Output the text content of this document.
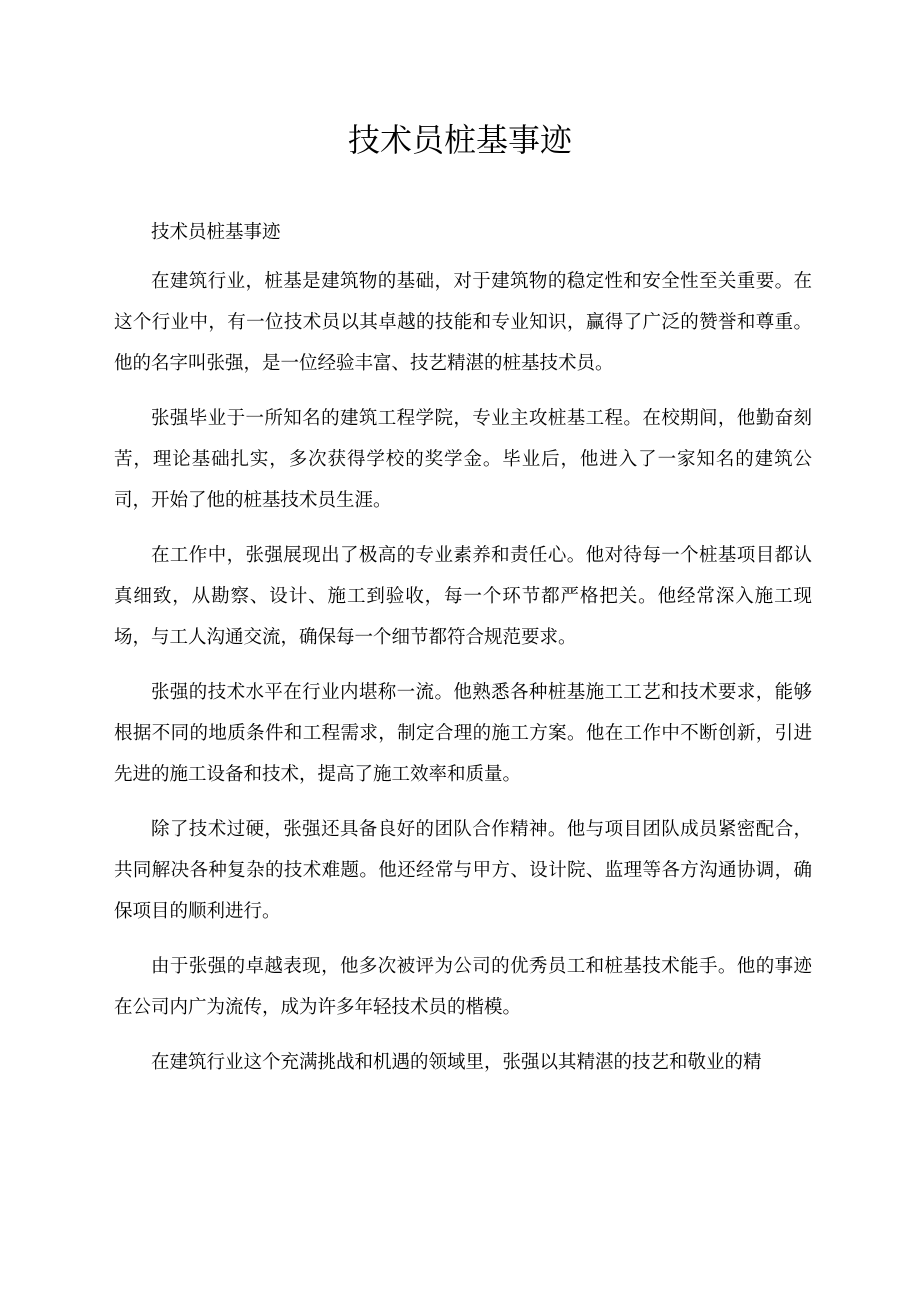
技术员桩基事迹

技术员桩基事迹

在建筑行业，桩基是建筑物的基础，对于建筑物的稳定性和安全性至关重要。在这个行业中，有一位技术员以其卓越的技能和专业知识，赢得了广泛的赞誉和尊重。他的名字叫张强，是一位经验丰富、技艺精湛的桩基技术员。

张强毕业于一所知名的建筑工程学院，专业主攻桩基工程。在校期间，他勤奋刻苦，理论基础扎实，多次获得学校的奖学金。毕业后，他进入了一家知名的建筑公司，开始了他的桩基技术员生涯。

在工作中，张强展现出了极高的专业素养和责任心。他对待每一个桩基项目都认真细致，从勘察、设计、施工到验收，每一个环节都严格把关。他经常深入施工现场，与工人沟通交流，确保每一个细节都符合规范要求。

张强的技术水平在行业内堪称一流。他熟悉各种桩基施工工艺和技术要求，能够根据不同的地质条件和工程需求，制定合理的施工方案。他在工作中不断创新，引进先进的施工设备和技术，提高了施工效率和质量。

除了技术过硬，张强还具备良好的团队合作精神。他与项目团队成员紧密配合，共同解决各种复杂的技术难题。他还经常与甲方、设计院、监理等各方沟通协调，确保项目的顺利进行。

由于张强的卓越表现，他多次被评为公司的优秀员工和桩基技术能手。他的事迹在公司内广为流传，成为许多年轻技术员的楷模。

在建筑行业这个充满挑战和机遇的领域里，张强以其精湛的技艺和敬业的精
